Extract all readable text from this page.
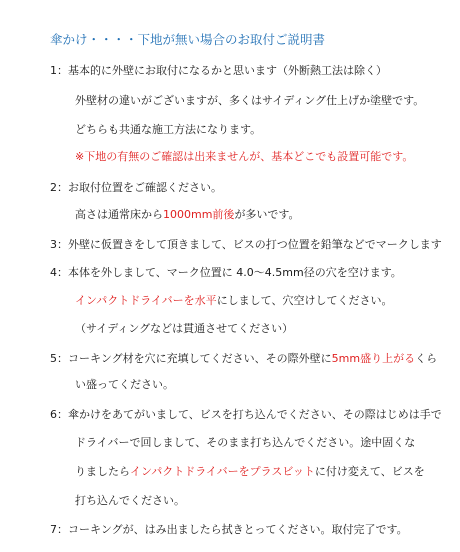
傘かけ・・・・下地が無い場合のお取付ご説明書
1：基本的に外壁にお取付になるかと思います（外断熱工法は除く）
外壁材の違いがございますが、多くはサイディング仕上げか塗壁です。
どちらも共通な施工方法になります。
※下地の有無のご確認は出来ませんが、基本どこでも設置可能です。
2：お取付位置をご確認ください。
高さは通常床から1000mm前後が多いです。
3：外壁に仮置きをして頂きまして、ビスの打つ位置を鉛筆などでマークします
4：本体を外しまして、マーク位置に 4.0～4.5mm径の穴を空けます。
インパクトドライバーを水平にしまして、穴空けしてください。
（サイディングなどは貫通させてください）
5：コーキング材を穴に充填してください、その際外壁に5mm盛り上がるくら
い盛ってください。
6：傘かけをあてがいまして、ビスを打ち込んでください、その際はじめは手で
ドライバーで回しまして、そのまま打ち込んでください。途中固くな
りましたらインパクトドライバーをプラスビットに付け変えて、ビスを
打ち込んでください。
7：コーキングが、はみ出ましたら拭きとってください。取付完了です。
